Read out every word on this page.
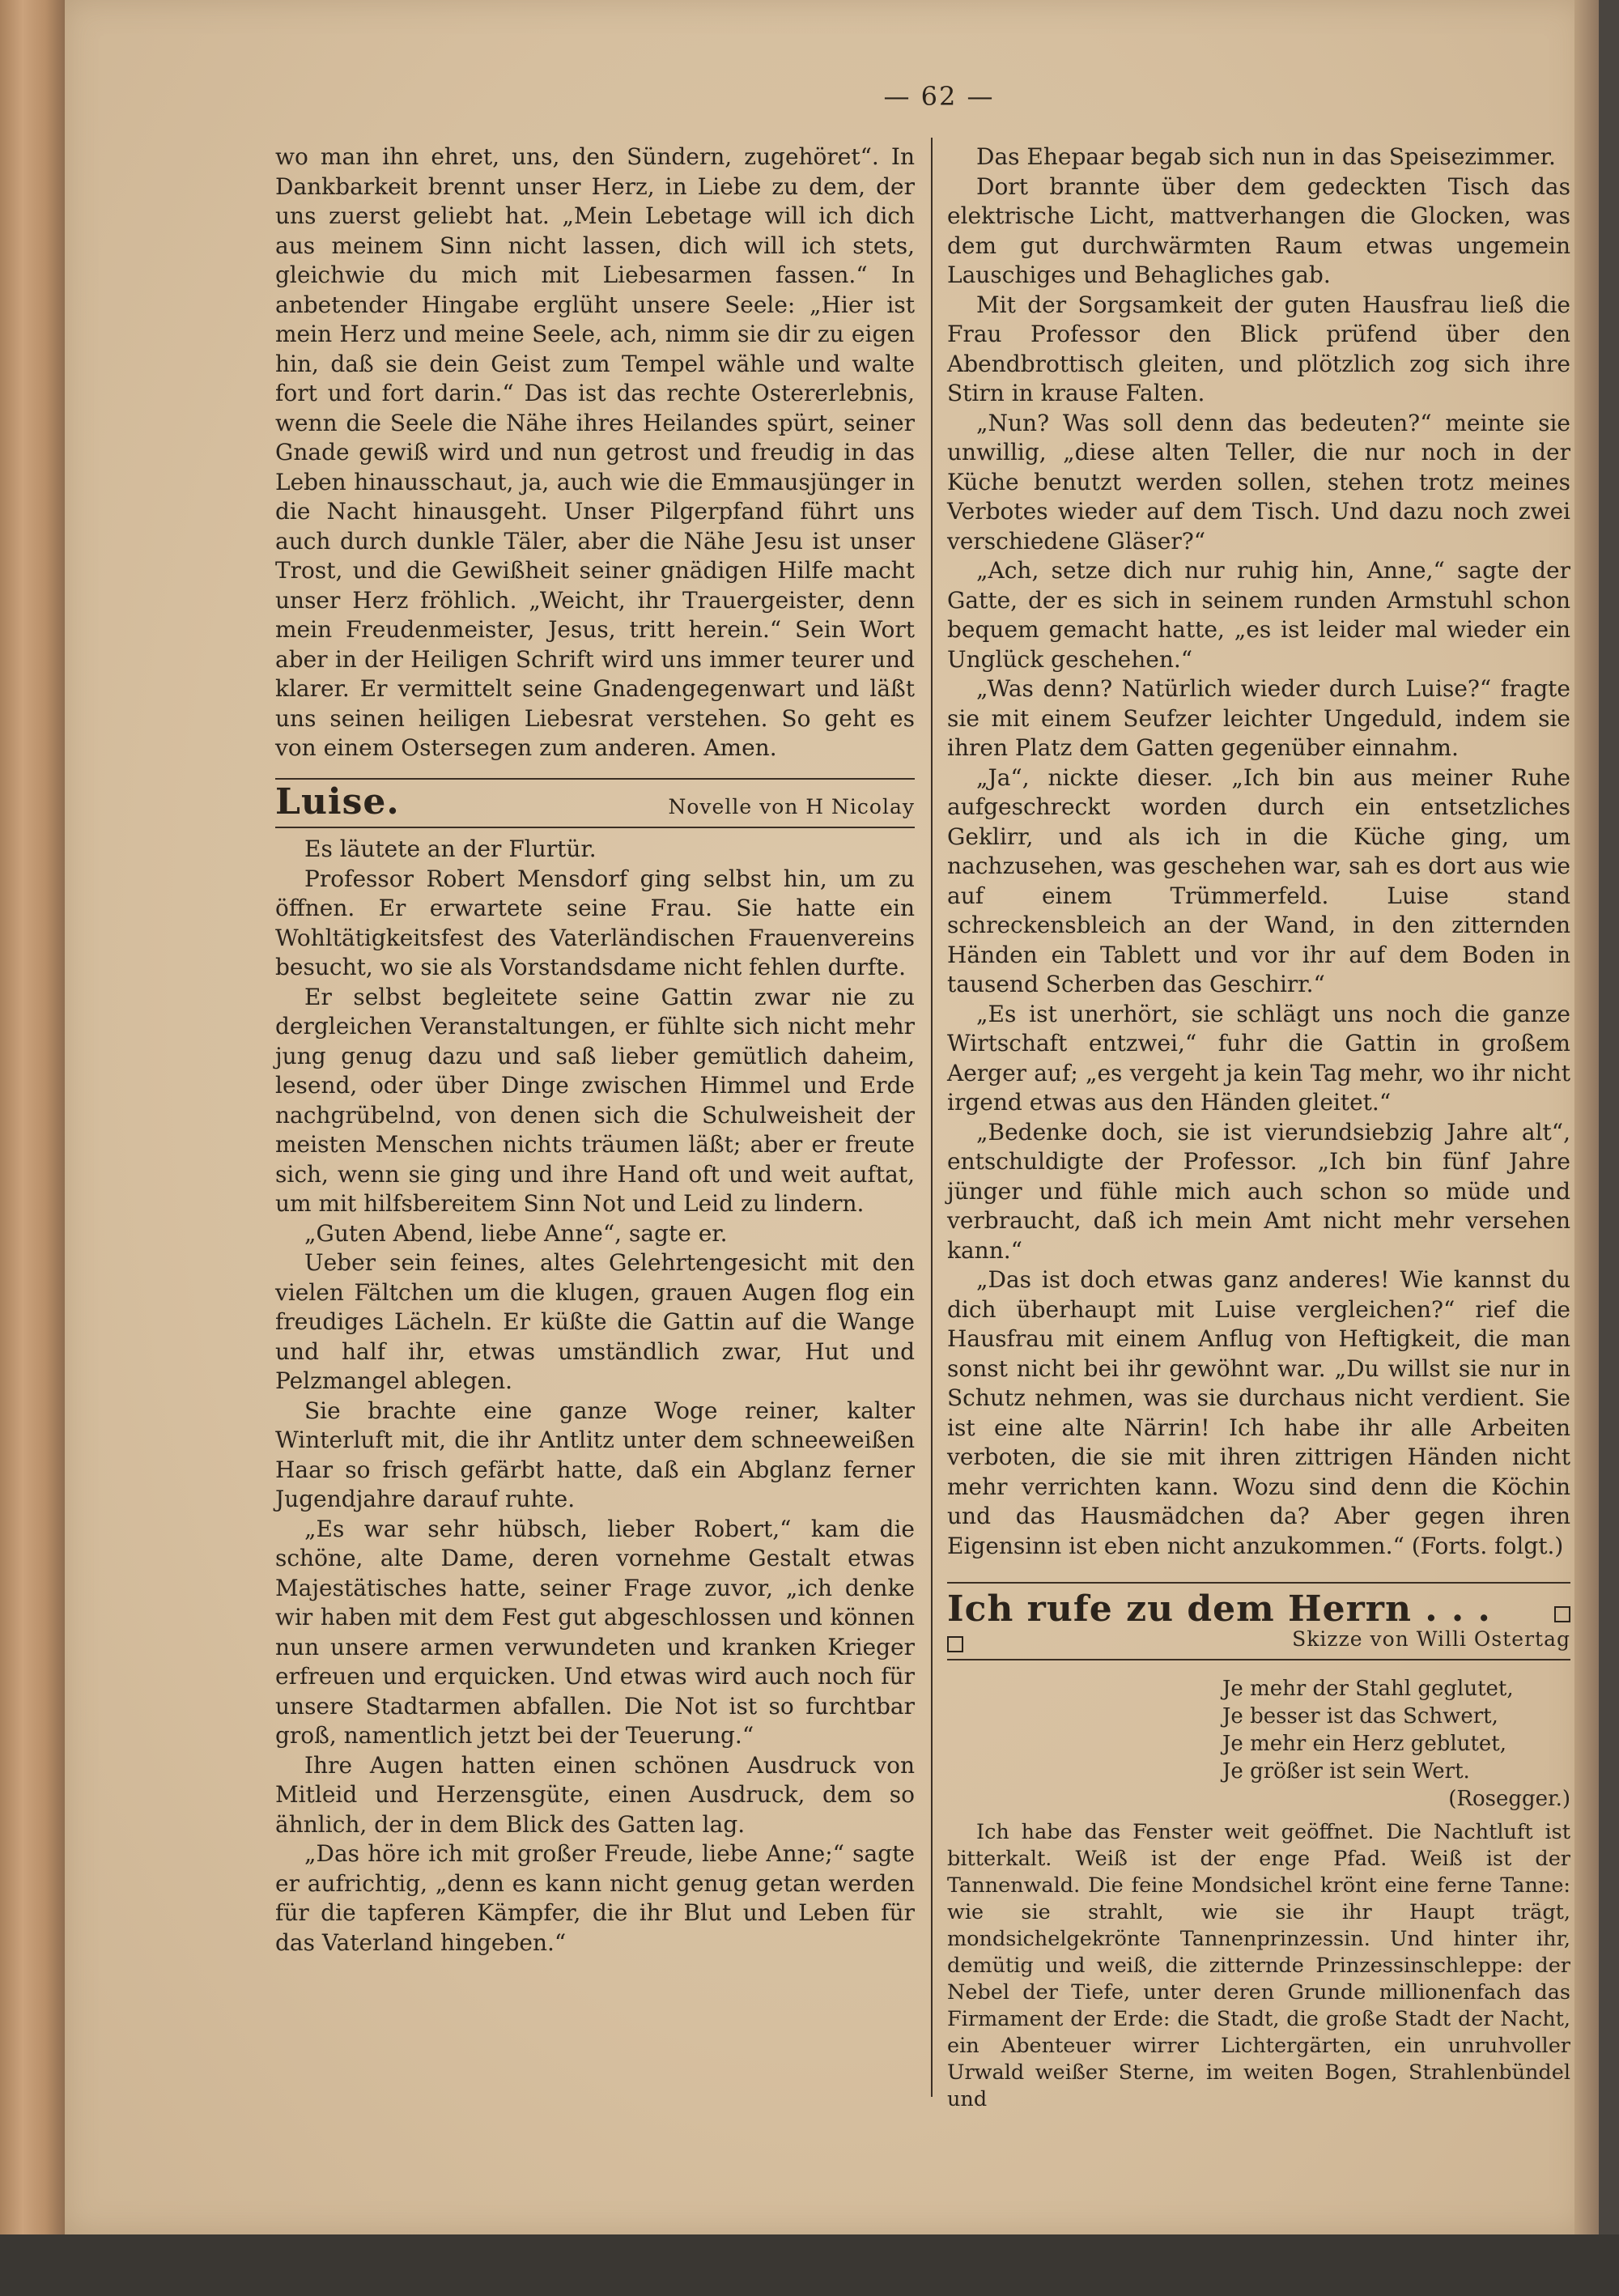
— 62 —

wo man ihn ehret, uns, den Sündern, zugehöret“. In Dankbarkeit brennt unser Herz, in Liebe zu dem, der uns zuerst geliebt hat. „Mein Lebetage will ich dich aus meinem Sinn nicht lassen, dich will ich stets, gleichwie du mich mit Liebesarmen fassen.“ In anbetender Hingabe erglüht unsere Seele: „Hier ist mein Herz und meine Seele, ach, nimm sie dir zu eigen hin, daß sie dein Geist zum Tempel wähle und walte fort und fort darin.“ Das ist das rechte Ostererlebnis, wenn die Seele die Nähe ihres Heilandes spürt, seiner Gnade gewiß wird und nun getrost und freudig in das Leben hinausschaut, ja, auch wie die Emmausjünger in die Nacht hinausgeht. Unser Pilgerpfand führt uns auch durch dunkle Täler, aber die Nähe Jesu ist unser Trost, und die Gewißheit seiner gnädigen Hilfe macht unser Herz fröhlich. „Weicht, ihr Trauergeister, denn mein Freudenmeister, Jesus, tritt herein.“ Sein Wort aber in der Heiligen Schrift wird uns immer teurer und klarer. Er vermittelt seine Gnadengegenwart und läßt uns seinen heiligen Liebesrat verstehen. So geht es von einem Ostersegen zum anderen. Amen.

Luise.	Novelle von H Nicolay

Es läutete an der Flurtür.

Professor Robert Mensdorf ging selbst hin, um zu öffnen. Er erwartete seine Frau. Sie hatte ein Wohltätigkeitsfest des Vaterländischen Frauenvereins besucht, wo sie als Vorstandsdame nicht fehlen durfte.

Er selbst begleitete seine Gattin zwar nie zu dergleichen Veranstaltungen, er fühlte sich nicht mehr jung genug dazu und saß lieber gemütlich daheim, lesend, oder über Dinge zwischen Himmel und Erde nachgrübelnd, von denen sich die Schulweisheit der meisten Menschen nichts träumen läßt; aber er freute sich, wenn sie ging und ihre Hand oft und weit auftat, um mit hilfsbereitem Sinn Not und Leid zu lindern.

„Guten Abend, liebe Anne“, sagte er.

Ueber sein feines, altes Gelehrtengesicht mit den vielen Fältchen um die klugen, grauen Augen flog ein freudiges Lächeln. Er küßte die Gattin auf die Wange und half ihr, etwas umständlich zwar, Hut und Pelzmangel ablegen.

Sie brachte eine ganze Woge reiner, kalter Winterluft mit, die ihr Antlitz unter dem schneeweißen Haar so frisch gefärbt hatte, daß ein Abglanz ferner Jugendjahre darauf ruhte.

„Es war sehr hübsch, lieber Robert,“ kam die schöne, alte Dame, deren vornehme Gestalt etwas Majestätisches hatte, seiner Frage zuvor, „ich denke wir haben mit dem Fest gut abgeschlossen und können nun unsere armen verwundeten und kranken Krieger erfreuen und erquicken. Und etwas wird auch noch für unsere Stadtarmen abfallen. Die Not ist so furchtbar groß, namentlich jetzt bei der Teuerung.“

Ihre Augen hatten einen schönen Ausdruck von Mitleid und Herzensgüte, einen Ausdruck, dem so ähnlich, der in dem Blick des Gatten lag.

„Das höre ich mit großer Freude, liebe Anne;“ sagte er aufrichtig, „denn es kann nicht genug getan werden für die tapferen Kämpfer, die ihr Blut und Leben für das Vaterland hingeben.“

Das Ehepaar begab sich nun in das Speisezimmer.

Dort brannte über dem gedeckten Tisch das elektrische Licht, mattverhangen die Glocken, was dem gut durchwärmten Raum etwas ungemein Lauschiges und Behagliches gab.

Mit der Sorgsamkeit der guten Hausfrau ließ die Frau Professor den Blick prüfend über den Abendbrottisch gleiten, und plötzlich zog sich ihre Stirn in krause Falten.

„Nun? Was soll denn das bedeuten?“ meinte sie unwillig, „diese alten Teller, die nur noch in der Küche benutzt werden sollen, stehen trotz meines Verbotes wieder auf dem Tisch. Und dazu noch zwei verschiedene Gläser?“

„Ach, setze dich nur ruhig hin, Anne,“ sagte der Gatte, der es sich in seinem runden Armstuhl schon bequem gemacht hatte, „es ist leider mal wieder ein Unglück geschehen.“

„Was denn? Natürlich wieder durch Luise?“ fragte sie mit einem Seufzer leichter Ungeduld, indem sie ihren Platz dem Gatten gegenüber einnahm.

„Ja“, nickte dieser. „Ich bin aus meiner Ruhe aufgeschreckt worden durch ein entsetzliches Geklirr, und als ich in die Küche ging, um nachzusehen, was geschehen war, sah es dort aus wie auf einem Trümmerfeld. Luise stand schreckensbleich an der Wand, in den zitternden Händen ein Tablett und vor ihr auf dem Boden in tausend Scherben das Geschirr.“

„Es ist unerhört, sie schlägt uns noch die ganze Wirtschaft entzwei,“ fuhr die Gattin in großem Aerger auf; „es vergeht ja kein Tag mehr, wo ihr nicht irgend etwas aus den Händen gleitet.“

„Bedenke doch, sie ist vierundsiebzig Jahre alt“, entschuldigte der Professor. „Ich bin fünf Jahre jünger und fühle mich auch schon so müde und verbraucht, daß ich mein Amt nicht mehr versehen kann.“

„Das ist doch etwas ganz anderes! Wie kannst du dich überhaupt mit Luise vergleichen?“ rief die Hausfrau mit einem Anflug von Heftigkeit, die man sonst nicht bei ihr gewöhnt war. „Du willst sie nur in Schutz nehmen, was sie durchaus nicht verdient. Sie ist eine alte Närrin! Ich habe ihr alle Arbeiten verboten, die sie mit ihren zittrigen Händen nicht mehr verrichten kann. Wozu sind denn die Köchin und das Hausmädchen da? Aber gegen ihren Eigensinn ist eben nicht anzukommen.“ (Forts. folgt.)

Ich rufe zu dem Herrn . . .
Skizze von Willi Ostertag
Je mehr der Stahl geglutet,
Je besser ist das Schwert,
Je mehr ein Herz geblutet,
Je größer ist sein Wert.
(Rosegger.)

Ich habe das Fenster weit geöffnet. Die Nachtluft ist bitterkalt. Weiß ist der enge Pfad. Weiß ist der Tannenwald. Die feine Mondsichel krönt eine ferne Tanne: wie sie strahlt, wie sie ihr Haupt trägt, mondsichelgekrönte Tannenprinzessin. Und hinter ihr, demütig und weiß, die zitternde Prinzessinschleppe: der Nebel der Tiefe, unter deren Grunde millionenfach das Firmament der Erde: die Stadt, die große Stadt der Nacht, ein Abenteuer wirrer Lichtergärten, ein unruhvoller Urwald weißer Sterne, im weiten Bogen, Strahlenbündel und
